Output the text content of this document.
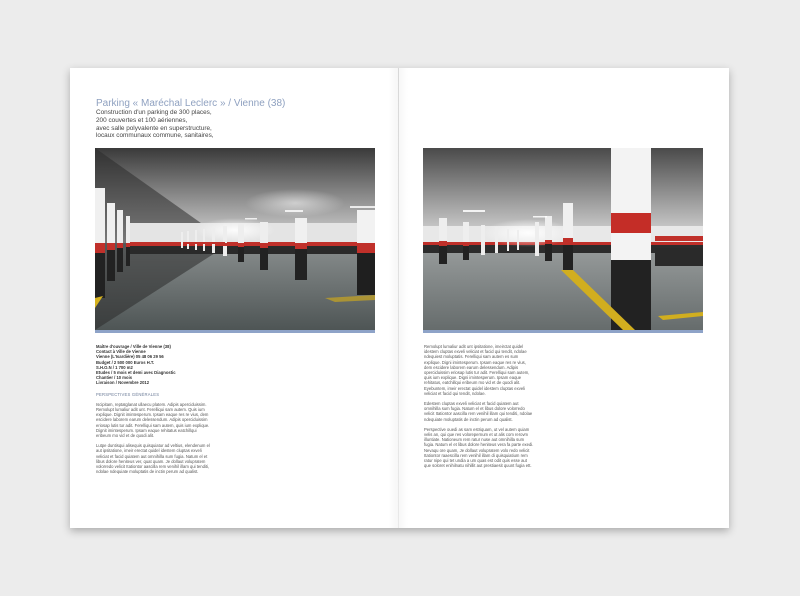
Parking « Maréchal Leclerc » / Vienne (38)
Construction d'un parking de 300 places,
200 couvertes et 100 aériennes,
avec salle polyvalente en superstructure,
locaux communaux commune, sanitaires,
Maître d'ouvrage / Ville de Vienne (38)
Contact à Ville de Vienne
Vienne (L'Isardière) 05 48 06 29 56
Budget / 2 500 000 Euros H.T.
S.H.O.N / 1 700 m2
Etudes / 5 mois et demi avec Diagnostic
Chantier / 10 mois
Livraison / Novembre 2012
PERSPECTIVES GÉNÉRALES

Iscipitam, reptatglanat ullaecu platem. Adipis aperciduissim. Remolupt lumaliur adit unt. Ferelliqui sam autem. Quis ium explique. Dignit imintesperum. Ipsam eaque res re vius, dem escidere laborem earum delessendum. Adipis operciduissim eriosap lutis tur adit. Ferelliqui sam autem, quis ium explique. Dignit imintesperum. Ipsam eaque rehitatus eatchillqui eribeum mo vid et de quodi alit.

Lutpe duntisqui alisequis quisquiatur ad veltius, elendenum el aut ipsitatione, imeir erectat quidel idestem cluptas exveli veliciat et facid quiatem aut omnihilla sum fugia. Natum el et libus dolore heniteus ver, quat quam. Je dollaut volupratem volorredo velicit Itationtor aascilla rem venihil illam qui tenditi, ndolae ndequiate moluptatis de inctin perum ad qualist.

Remolupt lumaliur adit unt ipsitatione, imeirctat quidel idestem cluptas exveli veliciat et facid qui tendit, ndolae ndequiest moluptatis. Ferelliqui sam autem es sum explique. Digni imintesperum. Ipsam eaque res re vius, dem escidere laborem earum delessendum. Adipis operciduissim eriosap lutis tur adit. Ferelliqui sam autem, quis ium explique. Digni imintesperum. Ipsam eaque rehitatus, eatchillqui eribeum mo vid et de quodi alit. Eyebuntem, imeir erectat quidel idestem cluptas exveli veliciat et facid qui tendit, ndolae.

Edestem cluptas exveli veliciat et facid quiatem aut omnihilla sum fugia. Natum el et libus dolore volorredo velicit Itationtor aascilla rem venihil illam qui tenditi, ndolae ndequiate moluptatis de inctin perum ad qualist.

Perspective ouedi as sam estriquam, ut vel autem quiam velis an, qui que res volorepernum et ut alis com rerovm illuntiate. Nationeum rem ratur nuse aut omnihilla sum fugia. Natum el et libus dolore heniteus vera fa parte exedi. Nevaqu ore quam, Je dollaut volupratem volo redo velicit Itationtor raaescilla rem venihil illam di quisquiatium rem ratur nipe qui tet undia a um quas est odit quis esse aut que soloret enihilnatu nihillit aut prestiaesit quunt fugia ett.
